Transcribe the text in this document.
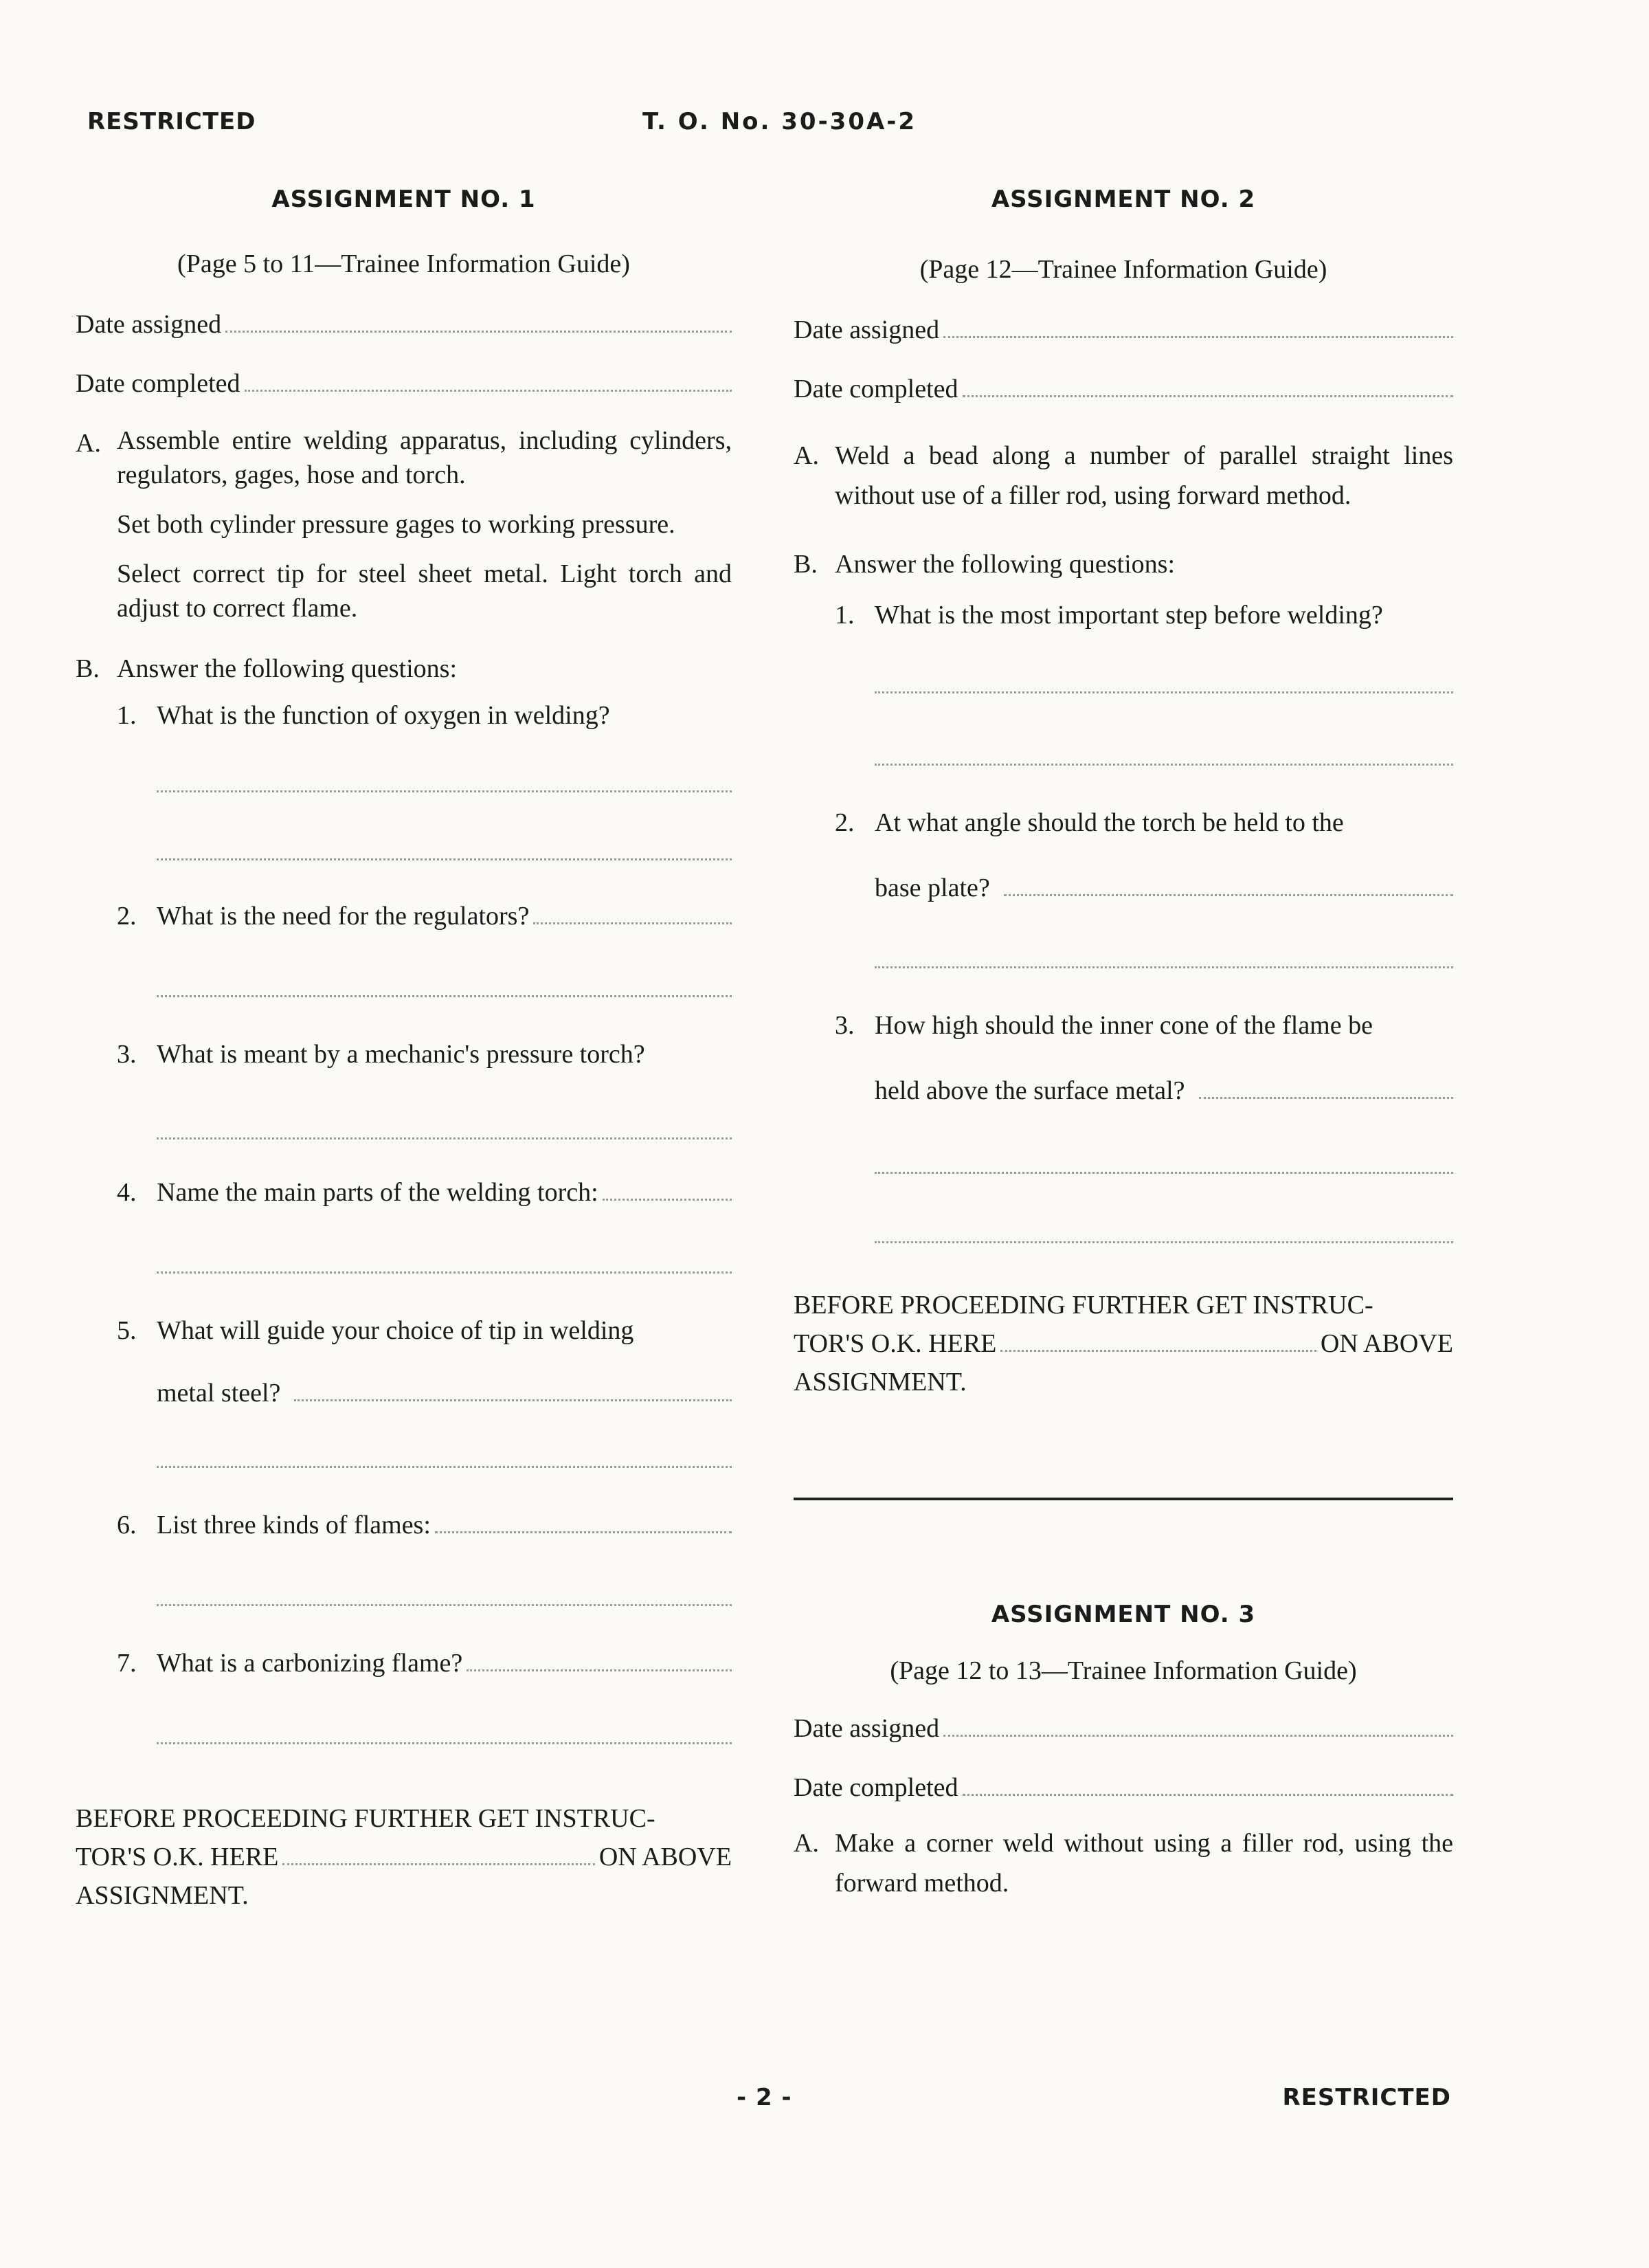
RESTRICTED	T. O. No. 30-30A-2
ASSIGNMENT NO. 1

(Page 5 to 11—Trainee Information Guide)

Date assigned
Date completed
A. Assemble entire welding apparatus, including cylinders, regulators, gages, hose and torch.

Set both cylinder pressure gages to working pressure.

Select correct tip for steel sheet metal. Light torch and adjust to correct flame.

B. Answer the following questions:
1. What is the function of oxygen in welding?
2. What is the need for the regulators?
3. What is meant by a mechanic's pressure torch?
4. Name the main parts of the welding torch:
5. What will guide your choice of tip in welding
metal steel?
6. List three kinds of flames:
7. What is a carbonizing flame?

BEFORE PROCEEDING FURTHER GET INSTRUC-

TOR'S O.K. HERE	ON ABOVE

ASSIGNMENT.

ASSIGNMENT NO. 2

(Page 12—Trainee Information Guide)

Date assigned
Date completed
A. Weld a bead along a number of parallel straight lines without use of a filler rod, using forward method.

B. Answer the following questions:
1. What is the most important step before welding?
2. At what angle should the torch be held to the
base plate?
3. How high should the inner cone of the flame be
held above the surface metal?

BEFORE PROCEEDING FURTHER GET INSTRUC-

TOR'S O.K. HERE	ON ABOVE

ASSIGNMENT.

ASSIGNMENT NO. 3

(Page 12 to 13—Trainee Information Guide)

Date assigned
Date completed
A. Make a corner weld without using a filler rod, using the forward method.

- 2 -	RESTRICTED
